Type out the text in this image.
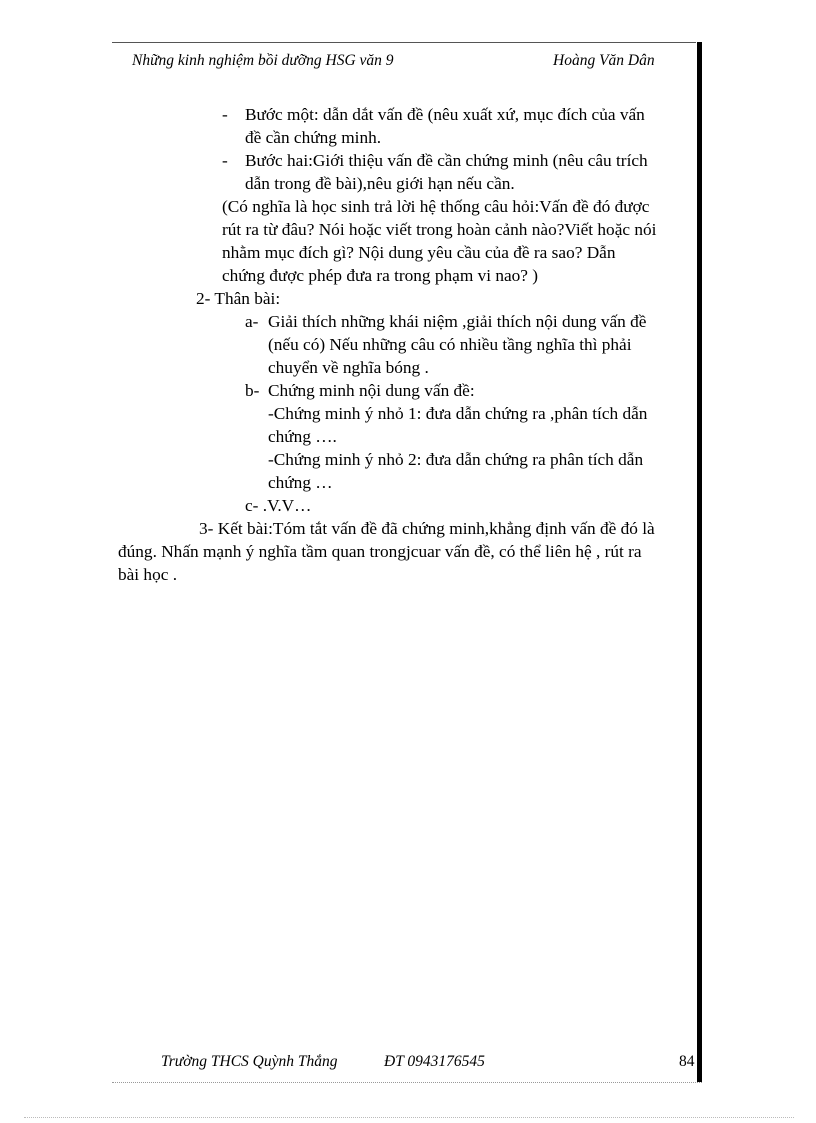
Những kinh nghiệm bồi dưỡng HSG văn 9	Hoàng Văn Dân
- Bước một: dẫn dắt vấn đề (nêu xuất xứ, mục đích của vấn
đề cần chứng minh.
- Bước hai:Giới thiệu vấn đề cần chứng minh (nêu câu trích
dẫn trong đề bài),nêu giới hạn nếu cần.
(Có nghĩa là học sinh trả lời hệ thống câu hỏi:Vấn đề đó được
rút ra từ đâu? Nói hoặc viết trong hoàn cảnh nào?Viết hoặc nói
nhằm mục đích gì? Nội dung yêu cầu của đề ra sao? Dẫn
chứng được phép đưa ra trong phạm vi nao? )
2- Thân bài:
a- Giải thích những khái niệm ,giải thích nội dung vấn đề
(nếu có) Nếu những câu có nhiều tầng nghĩa thì phải
chuyển về nghĩa bóng .
b- Chứng minh nội dung vấn đề:
-Chứng minh ý nhỏ 1: đưa dẫn chứng ra ,phân tích dẫn
chứng ….
-Chứng minh ý nhỏ 2: đưa dẫn chứng ra phân tích dẫn
chứng …
c- .V.V…
3- Kết bài:Tóm tắt vấn đề đã chứng minh,khẳng định vấn đề đó là
đúng. Nhấn mạnh ý nghĩa tầm quan trongjcuar vấn đề, có thể liên hệ , rút ra
bài học .
Trường THCS Quỳnh Thắng	ĐT 0943176545	84
